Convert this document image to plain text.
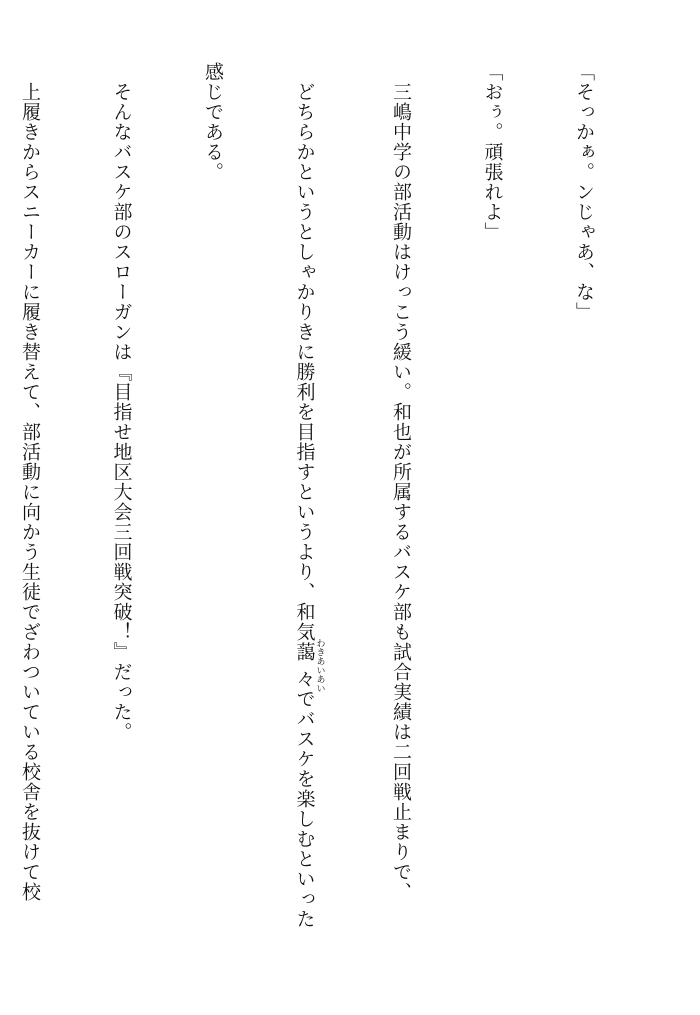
「そっかぁ。ンじゃあ、な」

「おぅ。頑張れよ」

　三嶋中学の部活動はけっこう緩い。和也が所属するバスケ部も試合実績は二回戦止まりで、

　どちらかというとしゃかりきに勝利を目指すというより、和気藹々 わきあいあいでバスケを楽しむといった

感じである。

　そんなバスケ部のスローガンは『目指せ地区大会三回戦突破！』だった。

　上履きからスニーカーに履き替えて、部活動に向かう生徒でざわついている校舎を抜けて校
